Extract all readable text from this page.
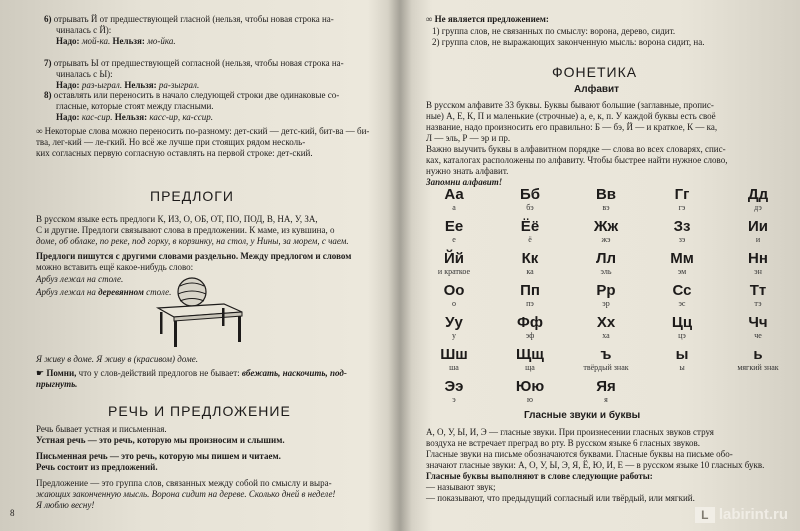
6) отрывать Й от предшествующей гласной (нельзя, чтобы новая строка на-
чиналась с Й):
Надо: мой-ка. Нельзя: мо-йка.
7) отрывать Ы от предшествующей согласной (нельзя, чтобы новая строка на-
чиналась с Ы):
Надо: раз-ыграл. Нельзя: ра-зыграл.
8) оставлять или переносить в начало следующей строки две одинаковые со-
гласные, которые стоят между гласными.
Надо: кас-сир. Нельзя: касс-ир, ка-ссир.
∞ Некоторые слова можно переносить по-разному: дет-ский — детс-кий, бит-ва — би-тва, лег-кий — ле-гкий. Но всё же лучше при стоящих рядом несколь-
ких согласных первую согласную оставлять на первой строке: дет-ский.
ПРЕДЛОГИ
В русском языке есть предлоги К, ИЗ, О, ОБ, ОТ, ПО, ПОД, В, НА, У, ЗА,
С и другие. Предлоги связывают слова в предложении. К маме, из кувшина, о
доме, об облаке, по реке, под горку, в корзинку, на стол, у Нины, за морем, с чаем.
Предлоги пишутся с другими словами раздельно. Между предлогом и словом
можно вставить ещё какое-нибудь слово:
Арбуз лежал на столе.
Арбуз лежал на деревянном столе.
Я живу в доме. Я живу в (красивом) доме.
☛ Помни, что у слов-действий предлогов не бывает: вбежать, наскочить, под-
прыгнуть.
РЕЧЬ И ПРЕДЛОЖЕНИЕ
Речь бывает устная и письменная.
Устная речь — это речь, которую мы произносим и слышим.
Письменная речь — это речь, которую мы пишем и читаем.
Речь состоит из предложений.
Предложение — это группа слов, связанных между собой по смыслу и выра-
жающих законченную мысль. Ворона сидит на дереве. Сколько дней в неделе!
Я люблю весну!
8
∞ Не является предложением:
1) группа слов, не связанных по смыслу: ворона, дерево, сидит.
2) группа слов, не выражающих законченную мысль: ворона сидит, на.
ФОНЕТИКА
Алфавит
В русском алфавите 33 буквы. Буквы бывают большие (заглавные, пропис-
ные) А, Е, К, П и маленькие (строчные) а, е, к, п. У каждой буквы есть своё
название, надо произносить его правильно: Б — бэ, Й — и краткое, К — ка,
Л — эль, Р — эр и пр.
Важно выучить буквы в алфавитном порядке — слова во всех словарях, спис-
ках, каталогах расположены по алфавиту. Чтобы быстрее найти нужное слово,
нужно знать алфавит.
Запомни алфавит!
Аа
а
Бб
бэ
Вв
вэ
Гг
гэ
Дд
дэ
Ее
е
Ёё
ё
Жж
жэ
Зз
зэ
Ии
и
Йй
и краткое
Кк
ка
Лл
эль
Мм
эм
Нн
эн
Оо
о
Пп
пэ
Рр
эр
Сс
эс
Тт
тэ
Уу
у
Фф
эф
Хх
ха
Цц
цэ
Чч
че
Шш
ша
Щщ
ща
ъ
твёрдый знак
ы
ы
ь
мягкий знак
Ээ
э
Юю
ю
Яя
я
Гласные звуки и буквы
А, О, У, Ы, И, Э — гласные звуки. При произнесении гласных звуков струя
воздуха не встречает преград во рту. В русском языке 6 гласных звуков.
Гласные звуки на письме обозначаются буквами. Гласные буквы на письме обо-
значают гласные звуки: А, О, У, Ы, Э, Я, Ё, Ю, И, Е — в русском языке 10 гласных букв.
Гласные буквы выполняют в слове следующие работы:
— называют звук;
— показывают, что предыдущий согласный или твёрдый, или мягкий.
L labirint.ru
